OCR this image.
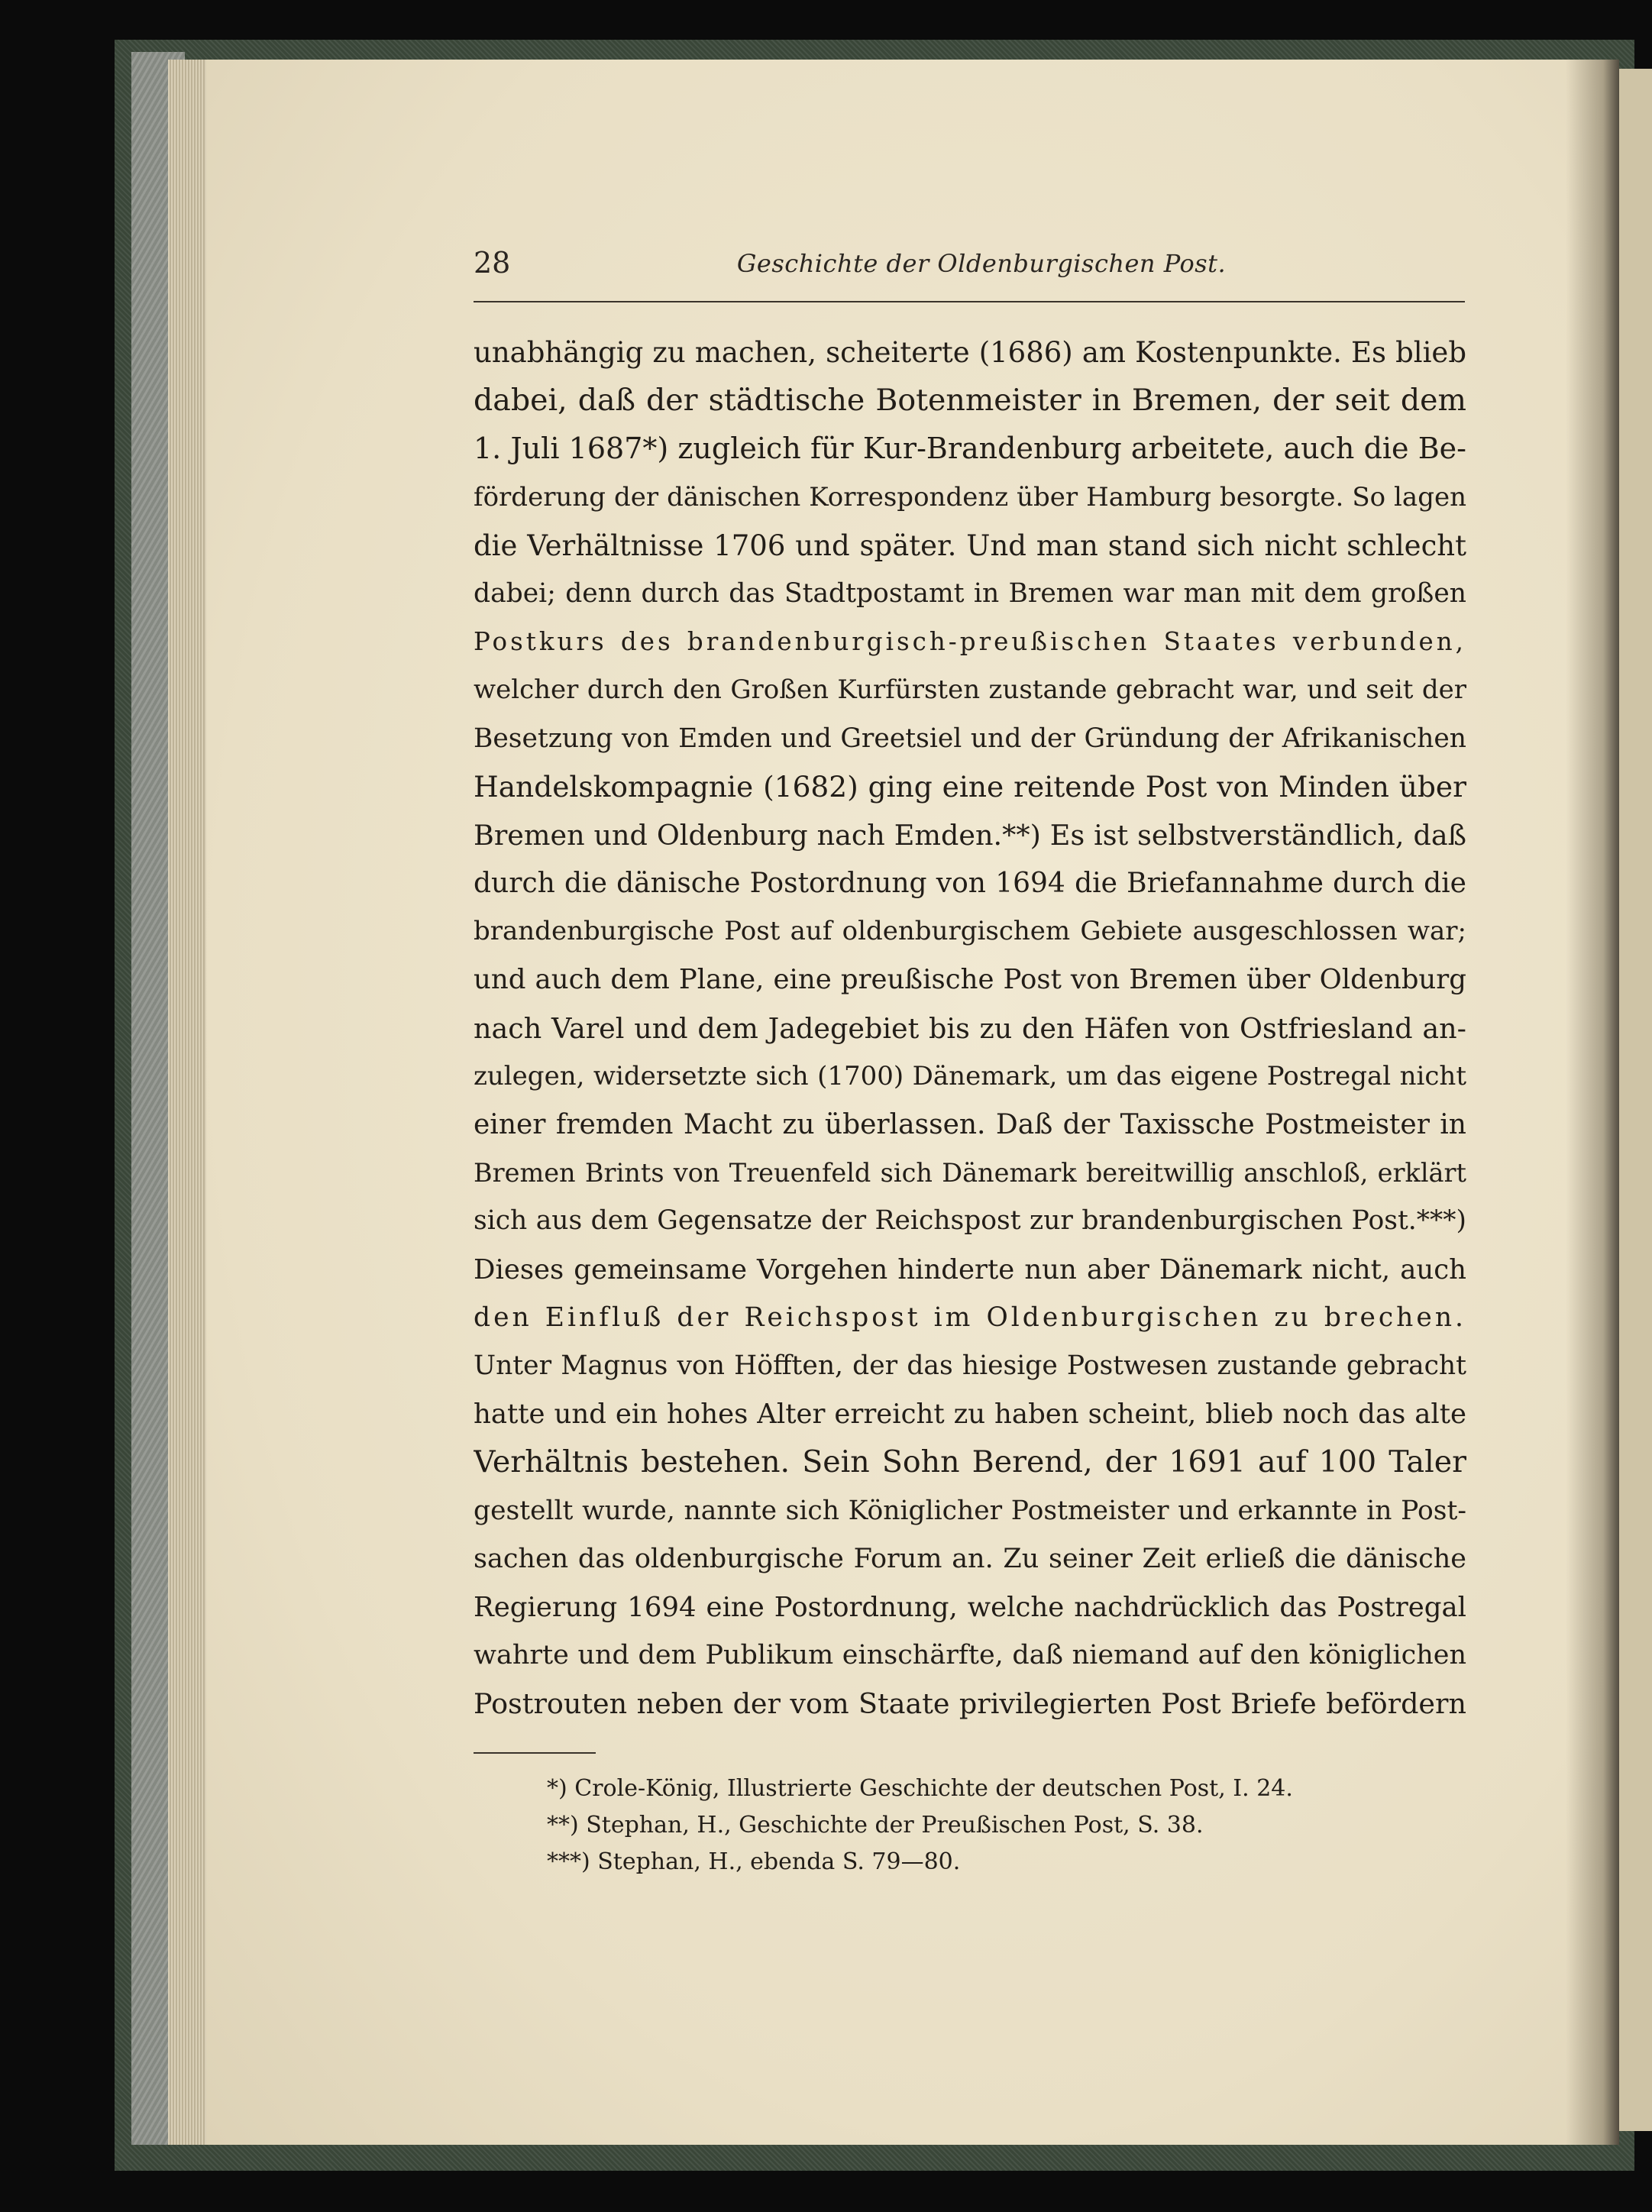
28	Geschichte der Oldenburgischen Post.
unabhängig zu machen, scheiterte (1686) am Kostenpunkte. Es blieb
dabei, daß der städtische Botenmeister in Bremen, der seit dem
1. Juli 1687*) zugleich für Kur-Brandenburg arbeitete, auch die Be-
förderung der dänischen Korrespondenz über Hamburg besorgte. So lagen
die Verhältnisse 1706 und später. Und man stand sich nicht schlecht
dabei; denn durch das Stadtpostamt in Bremen war man mit dem großen
Postkurs des brandenburgisch-preußischen Staates verbunden,
welcher durch den Großen Kurfürsten zustande gebracht war, und seit der
Besetzung von Emden und Greetsiel und der Gründung der Afrikanischen
Handelskompagnie (1682) ging eine reitende Post von Minden über
Bremen und Oldenburg nach Emden.**) Es ist selbstverständlich, daß
durch die dänische Postordnung von 1694 die Briefannahme durch die
brandenburgische Post auf oldenburgischem Gebiete ausgeschlossen war;
und auch dem Plane, eine preußische Post von Bremen über Oldenburg
nach Varel und dem Jadegebiet bis zu den Häfen von Ostfriesland an-
zulegen, widersetzte sich (1700) Dänemark, um das eigene Postregal nicht
einer fremden Macht zu überlassen. Daß der Taxissche Postmeister in
Bremen Brints von Treuenfeld sich Dänemark bereitwillig anschloß, erklärt
sich aus dem Gegensatze der Reichspost zur brandenburgischen Post.***)
Dieses gemeinsame Vorgehen hinderte nun aber Dänemark nicht, auch
den Einfluß der Reichspost im Oldenburgischen zu brechen.
Unter Magnus von Höfften, der das hiesige Postwesen zustande gebracht
hatte und ein hohes Alter erreicht zu haben scheint, blieb noch das alte
Verhältnis bestehen. Sein Sohn Berend, der 1691 auf 100 Taler
gestellt wurde, nannte sich Königlicher Postmeister und erkannte in Post-
sachen das oldenburgische Forum an. Zu seiner Zeit erließ die dänische
Regierung 1694 eine Postordnung, welche nachdrücklich das Postregal
wahrte und dem Publikum einschärfte, daß niemand auf den königlichen
Postrouten neben der vom Staate privilegierten Post Briefe befördern
*) Crole-König, Illustrierte Geschichte der deutschen Post, I. 24.
**) Stephan, H., Geschichte der Preußischen Post, S. 38.
***) Stephan, H., ebenda S. 79—80.
